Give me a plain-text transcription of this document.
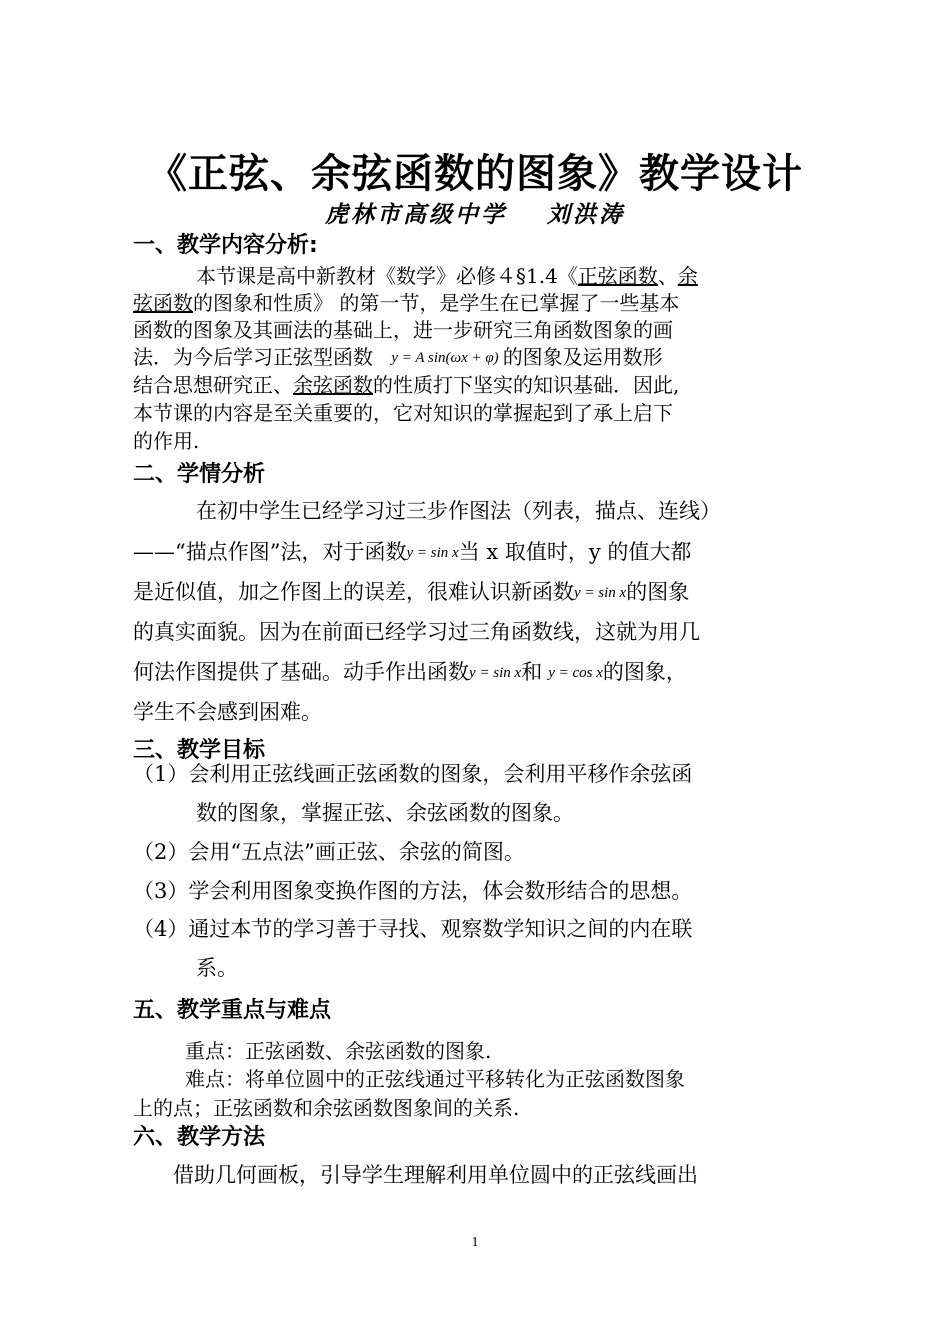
《正弦、余弦函数的图象》教学设计
虎林市高级中学 刘洪涛
一、教学内容分析:
本节课是高中新教材《数学》必修４§1.4《正弦函数、余
弦函数的图象和性质》 的第一节，是学生在已掌握了一些基本
函数的图象及其画法的基础上，进一步研究三角函数图象的画
法．为今后学习正弦型函数 y = A sin(ωx + φ) 的图象及运用数形
结合思想研究正、余弦函数的性质打下坚实的知识基础．因此,
本节课的内容是至关重要的，它对知识的掌握起到了承上启下
的作用.
二、学情分析
在初中学生已经学习过三步作图法（列表，描点、连线）
——“描点作图”法，对于函数y = sin x当 x 取值时，y 的值大都
是近似值，加之作图上的误差，很难认识新函数y = sin x的图象
的真实面貌。因为在前面已经学习过三角函数线，这就为用几
何法作图提供了基础。动手作出函数y = sin x和 y = cos x的图象，
学生不会感到困难。
三、教学目标
（1）会利用正弦线画正弦函数的图象，会利用平移作余弦函
数的图象，掌握正弦、余弦函数的图象。
（2）会用“五点法”画正弦、余弦的简图。
（3）学会利用图象变换作图的方法，体会数形结合的思想。
（4）通过本节的学习善于寻找、观察数学知识之间的内在联
系。
五、教学重点与难点
重点：正弦函数、余弦函数的图象.
难点：将单位圆中的正弦线通过平移转化为正弦函数图象
上的点；正弦函数和余弦函数图象间的关系.
六、教学方法
借助几何画板，引导学生理解利用单位圆中的正弦线画出
1
